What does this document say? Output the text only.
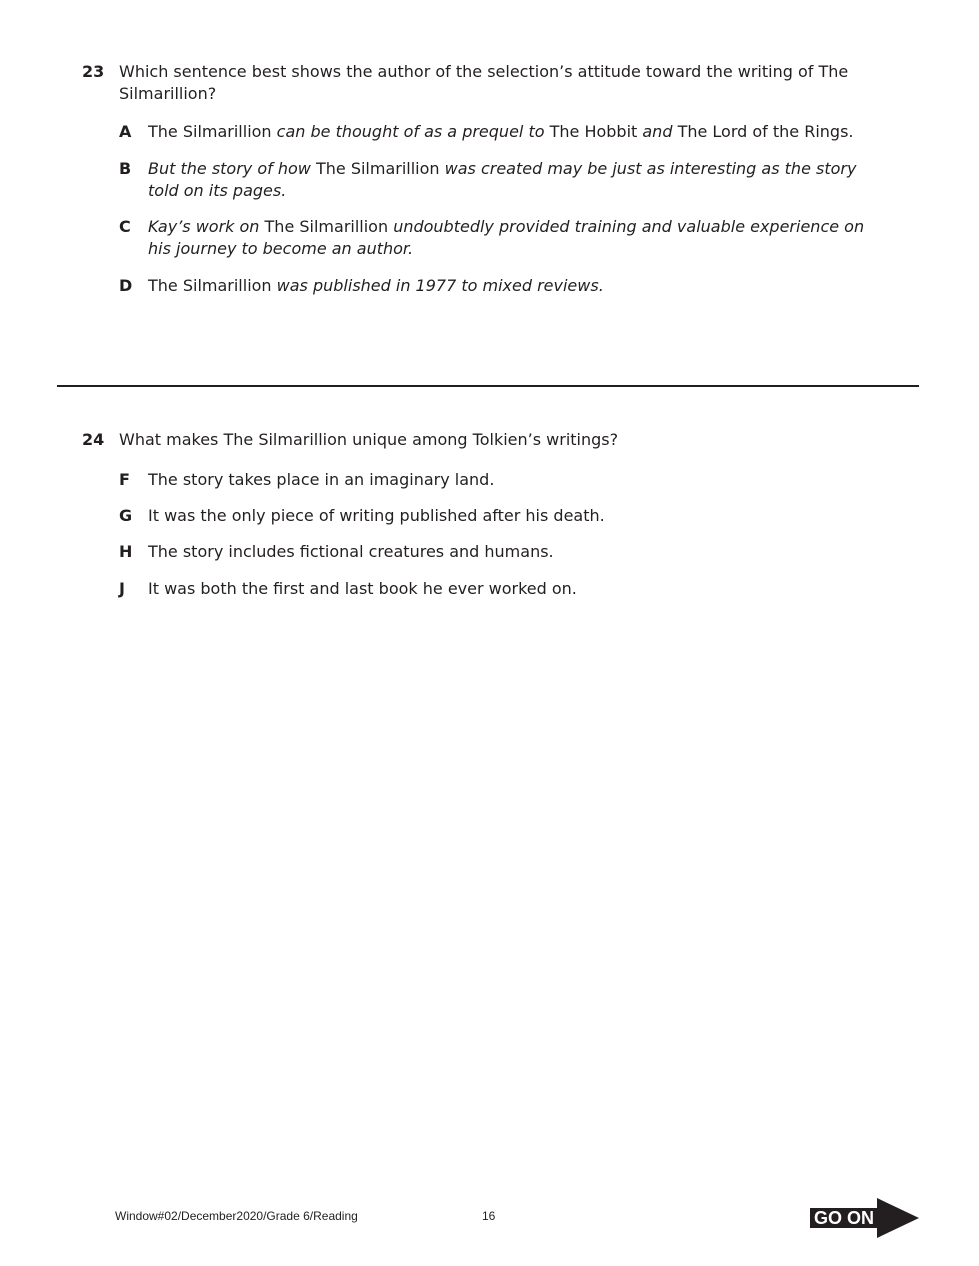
23 Which sentence best shows the author of the selection’s attitude toward the writing of The Silmarillion?
A The Silmarillion can be thought of as a prequel to The Hobbit and The Lord of the Rings.
B But the story of how The Silmarillion was created may be just as interesting as the story told on its pages.
C Kay’s work on The Silmarillion undoubtedly provided training and valuable experience on his journey to become an author.
D The Silmarillion was published in 1977 to mixed reviews.
24 What makes The Silmarillion unique among Tolkien’s writings?
F The story takes place in an imaginary land.
G It was the only piece of writing published after his death.
H The story includes fictional creatures and humans.
J It was both the first and last book he ever worked on.
Window#02/December2020/Grade 6/Reading	16	GO ON
